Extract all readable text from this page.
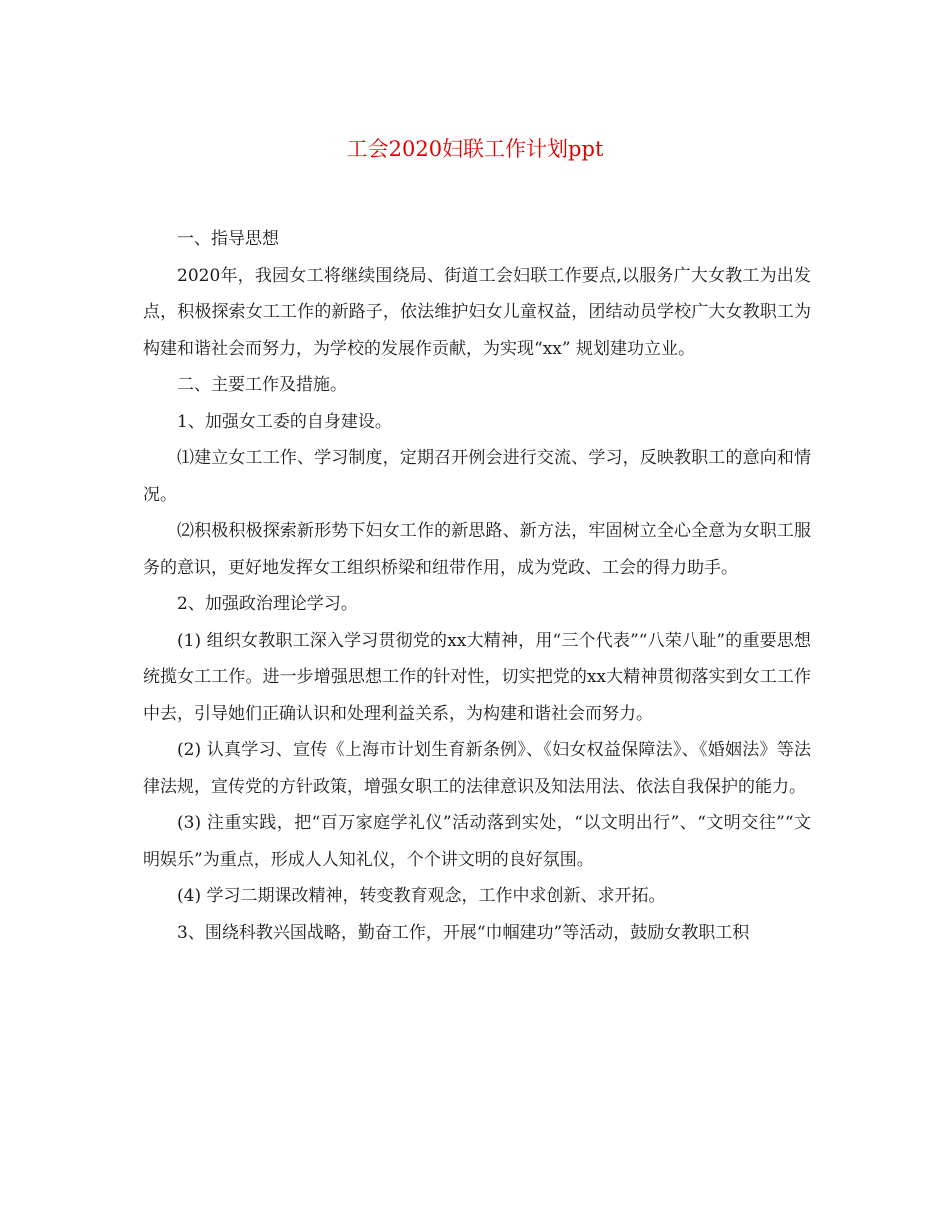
工会2020妇联工作计划ppt

一、指导思想

2020年，我园女工将继续围绕局、街道工会妇联工作要点,以服务广大女教工为出发点，积极探索女工工作的新路子，依法维护妇女儿童权益，团结动员学校广大女教职工为构建和谐社会而努力，为学校的发展作贡献，为实现“xx” 规划建功立业。

二、主要工作及措施。

1、加强女工委的自身建设。

⑴建立女工工作、学习制度，定期召开例会进行交流、学习，反映教职工的意向和情况。

⑵积极积极探索新形势下妇女工作的新思路、新方法，牢固树立全心全意为女职工服务的意识，更好地发挥女工组织桥梁和纽带作用，成为党政、工会的得力助手。

2、加强政治理论学习。

(1) 组织女教职工深入学习贯彻党的xx大精神，用“三个代表”“八荣八耻”的重要思想统揽女工工作。进一步增强思想工作的针对性，切实把党的xx大精神贯彻落实到女工工作中去，引导她们正确认识和处理利益关系，为构建和谐社会而努力。

(2) 认真学习、宣传《上海市计划生育新条例》、《妇女权益保障法》、《婚姻法》等法律法规，宣传党的方针政策，增强女职工的法律意识及知法用法、依法自我保护的能力。

(3) 注重实践，把“百万家庭学礼仪”活动落到实处，“以文明出行”、“文明交往”“文明娱乐”为重点，形成人人知礼仪，个个讲文明的良好氛围。

(4) 学习二期课改精神，转变教育观念，工作中求创新、求开拓。

3、围绕科教兴国战略，勤奋工作，开展“巾帼建功”等活动，鼓励女教职工积
